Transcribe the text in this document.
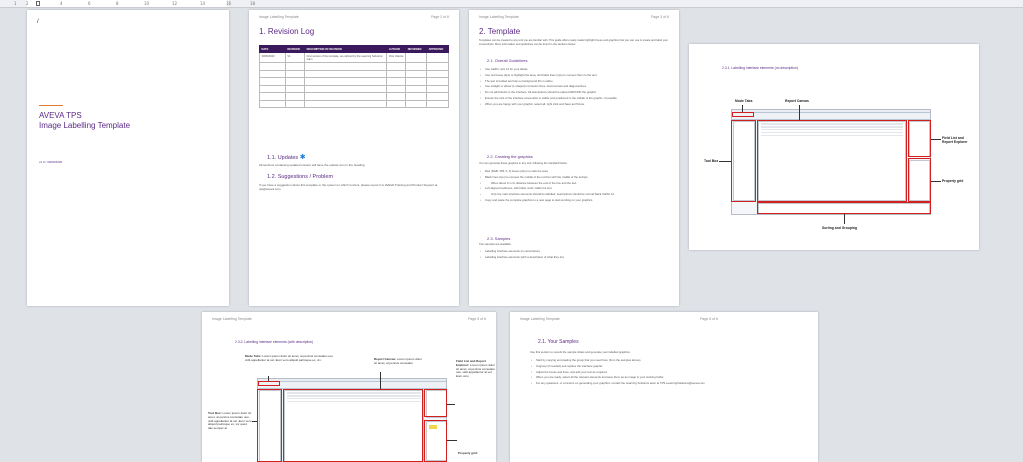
1 2	4	6	8	10	12	14	16	18
/
AVEVA TPS
Image Labelling Template
v1.0 / 30/09/2020
Image Labelling Template	Page 2 of 6
1. Revision Log
DATE	REVISION	DESCRIPTION OF REVISION	AUTHOR	REVIEWED	APPROVED
30/09/2020	V1	First version of the template, as outlined by the Learning Solutions team	Vitor Valente		

1.1. Updates ✱
All sections containing updated content will have the update icon in the heading.
1.2. Suggestions / Problem
If you have a suggestion about this template or the system to which it refers, please report it to AVEVA Training and Product Support at tps@aveva.com
Image Labelling Template	Page 3 of 6
2. Template
Templates can be created to any tool you are familiar with. This guide offers ready-made highlight boxes and graphics that you can use to create and label your screenshots. More information and guidelines can be found in the sections below.
2.1. Overall Guidelines
• Use Calibri, size 14 for your labels.
• Use red boxes (2px) to highlight the area, and black lines (1px) to connect them to the text.
• The text is bolded and has no background fill or outline.
• Use straight or elbow (L-shaped) connector lines. Avoid arrows and diagonal lines.
• Do not add blocks in the interface. All descriptions should be placed AROUND the graphic.
• Ensure the size of the interface screenshot is visible and positioned in the middle of the graphic, if possible.
• When you are happy with your graphic, select all, right click and Save as Picture.
2.2. Creating the graphics
You can generate these graphics in any tool, following the standard below:
• Red (RGB: 255, 0, 0) boxes (2px) to mark the area
• Black lines (1px) to connect the middle of the red box with the middle of the text/pic.
• When about 0.1 cm distance between the end of the line and the text.
• Left aligned textboxes, with black, bold, Calibri 14 text.
• Only the main interface elements should be labelled; descriptions should be normal black Calibri 14.
• Copy and paste the complete graphics to a new page to start working on your graphics.
2.3. Samples
Two samples are available:
• Labelling interface elements (no description)
• Labelling interface elements (with a description of what they do)
2.3.1. Labelling interface elements (no description)
Mode Tabs	Report Canvas
Field List and Report Explorer
Tool Box
Property grid
Sorting and Grouping
Image Labelling Template	Page 5 of 6
2.3.2. Labelling interface elements (with description)
Mode Tabs: Lorem ipsum dolor sit amet, at pericus consulatu usu, vidit appellantur at vel. Eum vero aliquid patrioque ex, vix.	Report Canvas: Lorem ipsum dolor sit amet, at pericus consulatu	Field List and Report Explorer: Lorem ipsum dolor sit amet, at pericus consulatu usu, vidit appellantur at vel. Eum vero
Tool Box: Lorem ipsum dolor sit amet, at pericus consulatu usu, vidit appellantur at vel. Eum vero aliquid patrioque ex, vix quod tale semper at.
Property grid:
Image Labelling Template	Page 6 of 6
2.1. Your Samples
Use this section to rework the sample slides and generate your labelled graphics.
• Start by copying and pasting the group that you need here (from the samples above).
• Ungroup (if needed) and replace the interface graphic.
• Adjust the boxes and lines, and add your text as required.
• When you are ready, select all the relevant elements and save them as an image in your working folder.
• For any questions, or concerns on generating your graphics, contact the Learning Solutions team at TPS.LearningSolutions@aveva.com
